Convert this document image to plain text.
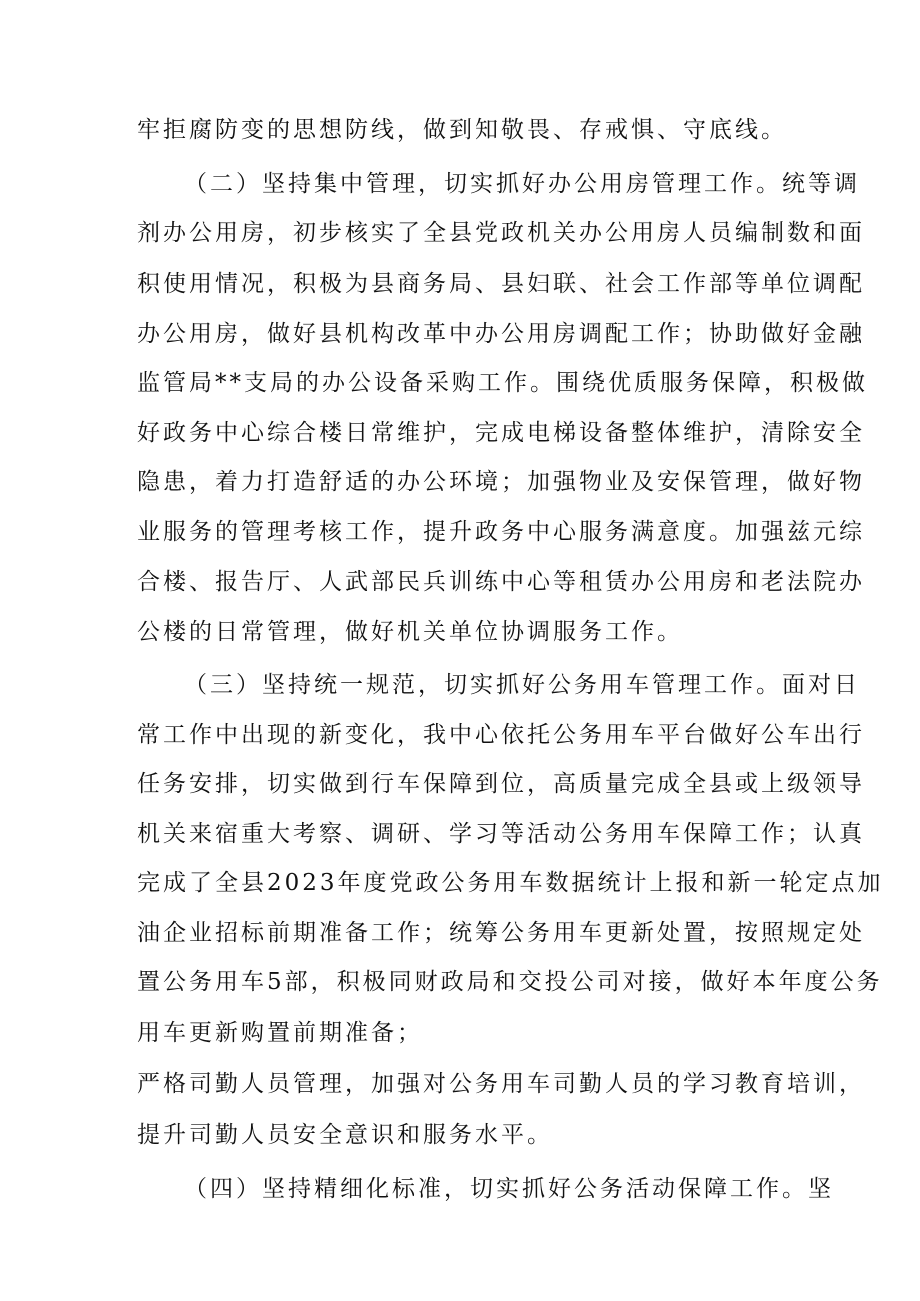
牢拒腐防变的思想防线，做到知敬畏、存戒惧、守底线。
（二）坚持集中管理，切实抓好办公用房管理工作。统等调
剂办公用房，初步核实了全县党政机关办公用房人员编制数和面
积使用情况，积极为县商务局、县妇联、社会工作部等单位调配
办公用房，做好县机构改革中办公用房调配工作；协助做好金融
监管局**支局的办公设备采购工作。围绕优质服务保障，积极做
好政务中心综合楼日常维护，完成电梯设备整体维护，清除安全
隐患，着力打造舒适的办公环境；加强物业及安保管理，做好物
业服务的管理考核工作，提升政务中心服务满意度。加强兹元综
合楼、报告厅、人武部民兵训练中心等租赁办公用房和老法院办
公楼的日常管理，做好机关单位协调服务工作。
（三）坚持统一规范，切实抓好公务用车管理工作。面对日
常工作中出现的新变化，我中心依托公务用车平台做好公车出行
任务安排，切实做到行车保障到位，高质量完成全县或上级领导
机关来宿重大考察、调研、学习等活动公务用车保障工作；认真
完成了全县2023年度党政公务用车数据统计上报和新一轮定点加
油企业招标前期准备工作；统筹公务用车更新处置，按照规定处
置公务用车5部，积极同财政局和交投公司对接，做好本年度公务
用车更新购置前期准备；
严格司勤人员管理，加强对公务用车司勤人员的学习教育培训，
提升司勤人员安全意识和服务水平。
（四）坚持精细化标准，切实抓好公务活动保障工作。坚
